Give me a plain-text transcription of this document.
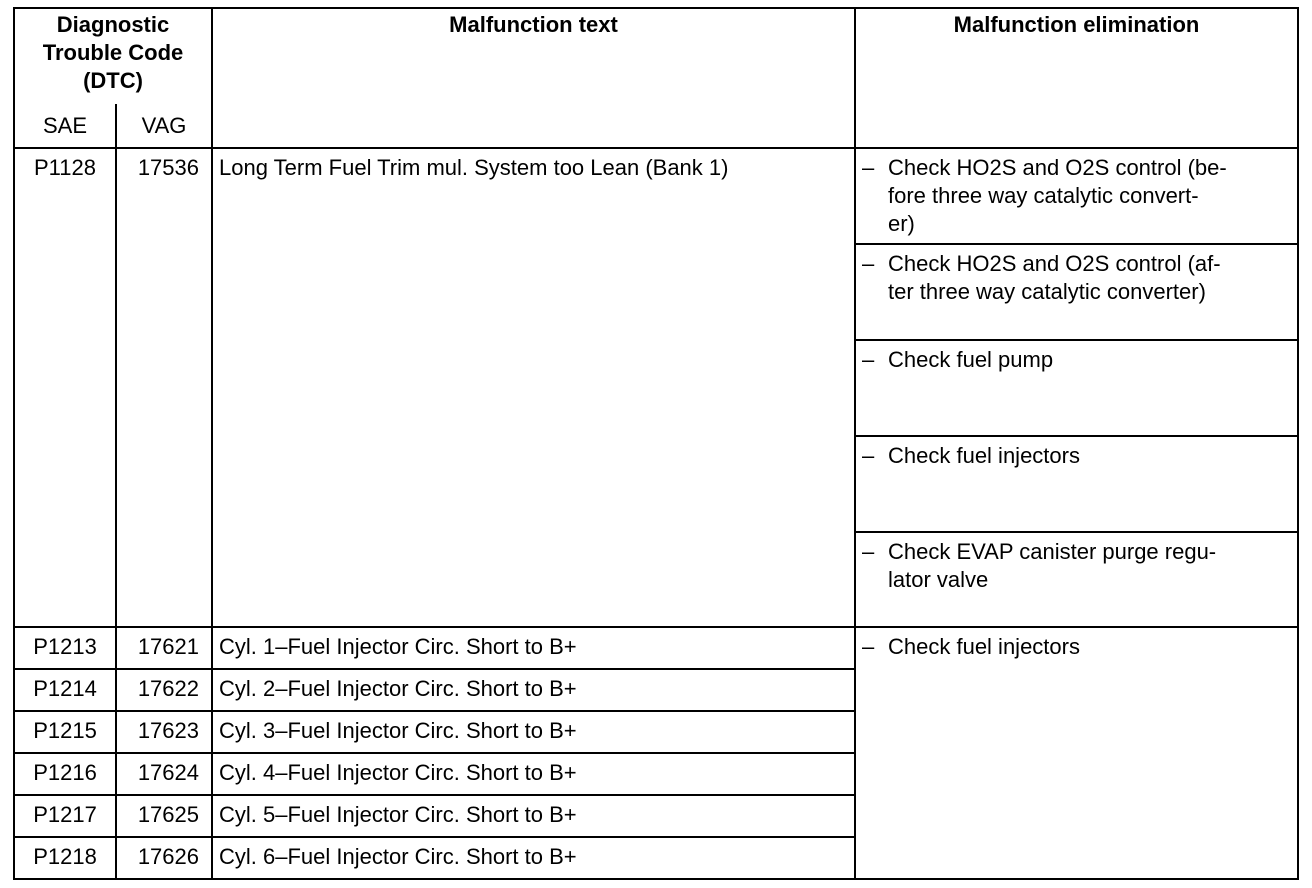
Diagnostic
Trouble Code
(DTC)		Malfunction text	Malfunction elimination
SAE	VAG		
P1128	17536	Long Term Fuel Trim mul. System too Lean (Bank 1)	– Check HO2S and O2S control (be-
fore three way catalytic convert-
er)

			– Check HO2S and O2S control (af-
ter three way catalytic converter)

			– Check fuel pump

			– Check fuel injectors

			– Check EVAP canister purge regu-
lator valve

P1213	17621	Cyl. 1–Fuel Injector Circ. Short to B+	– Check fuel injectors

P1214	17622	Cyl. 2–Fuel Injector Circ. Short to B+	
P1215	17623	Cyl. 3–Fuel Injector Circ. Short to B+	
P1216	17624	Cyl. 4–Fuel Injector Circ. Short to B+	
P1217	17625	Cyl. 5–Fuel Injector Circ. Short to B+	
P1218	17626	Cyl. 6–Fuel Injector Circ. Short to B+	
